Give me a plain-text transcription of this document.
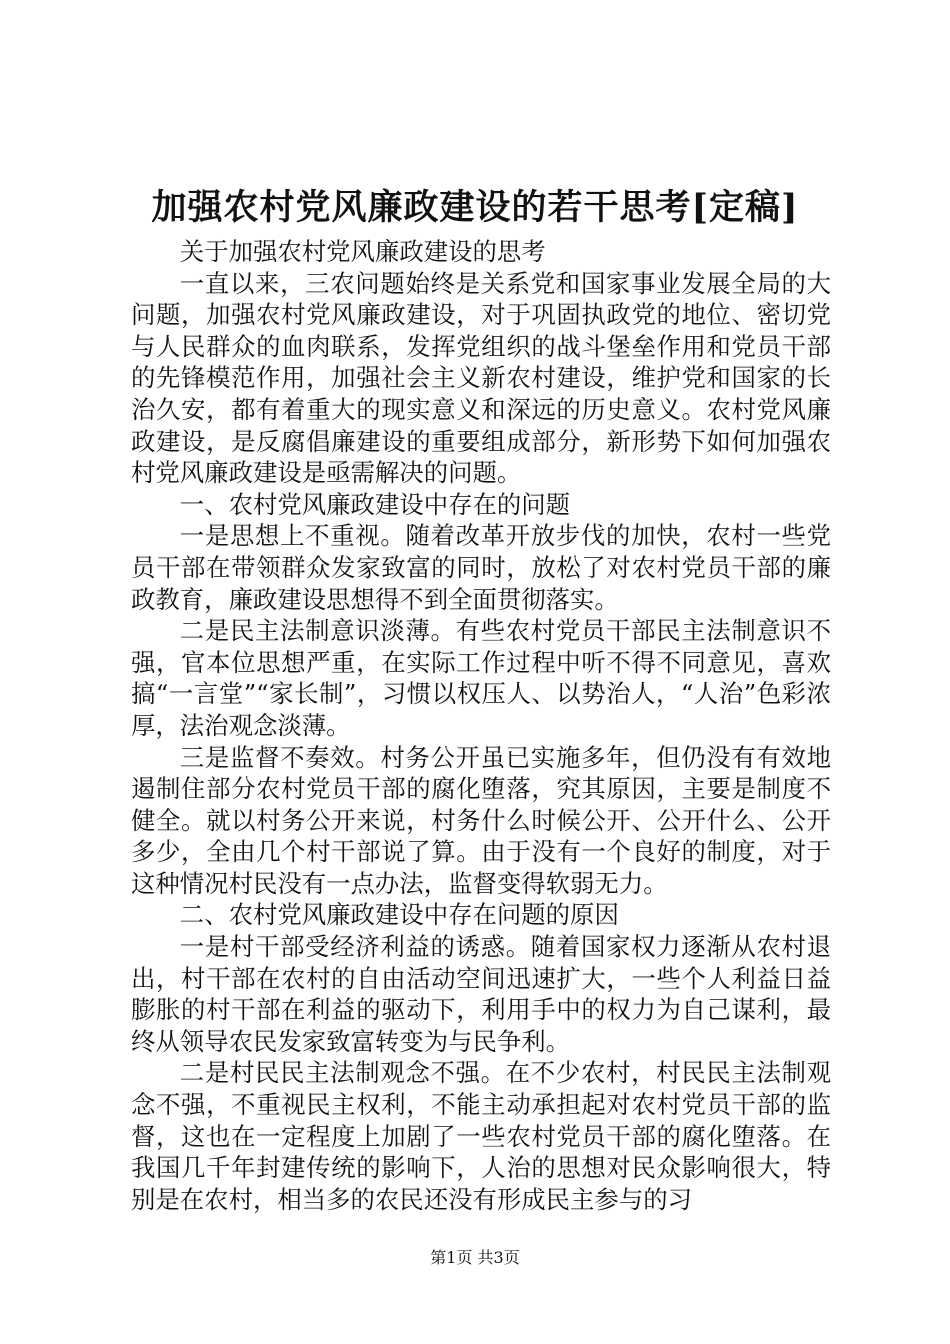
加强农村党风廉政建设的若干思考[定稿]

关于加强农村党风廉政建设的思考

一直以来，三农问题始终是关系党和国家事业发展全局的大问题，加强农村党风廉政建设，对于巩固执政党的地位、密切党与人民群众的血肉联系，发挥党组织的战斗堡垒作用和党员干部的先锋模范作用，加强社会主义新农村建设，维护党和国家的长治久安，都有着重大的现实意义和深远的历史意义。农村党风廉政建设，是反腐倡廉建设的重要组成部分，新形势下如何加强农村党风廉政建设是亟需解决的问题。

一、农村党风廉政建设中存在的问题

一是思想上不重视。随着改革开放步伐的加快，农村一些党员干部在带领群众发家致富的同时，放松了对农村党员干部的廉政教育，廉政建设思想得不到全面贯彻落实。

二是民主法制意识淡薄。有些农村党员干部民主法制意识不强，官本位思想严重，在实际工作过程中听不得不同意见，喜欢搞“一言堂”“家长制”，习惯以权压人、以势治人，“人治”色彩浓厚，法治观念淡薄。

三是监督不奏效。村务公开虽已实施多年，但仍没有有效地遏制住部分农村党员干部的腐化堕落，究其原因，主要是制度不健全。就以村务公开来说，村务什么时候公开、公开什么、公开多少，全由几个村干部说了算。由于没有一个良好的制度，对于这种情况村民没有一点办法，监督变得软弱无力。

二、农村党风廉政建设中存在问题的原因

一是村干部受经济利益的诱惑。随着国家权力逐渐从农村退出，村干部在农村的自由活动空间迅速扩大，一些个人利益日益膨胀的村干部在利益的驱动下，利用手中的权力为自己谋利，最终从领导农民发家致富转变为与民争利。

二是村民民主法制观念不强。在不少农村，村民民主法制观念不强，不重视民主权利，不能主动承担起对农村党员干部的监督，这也在一定程度上加剧了一些农村党员干部的腐化堕落。在我国几千年封建传统的影响下，人治的思想对民众影响很大，特别是在农村，相当多的农民还没有形成民主参与的习

第1页 共3页
